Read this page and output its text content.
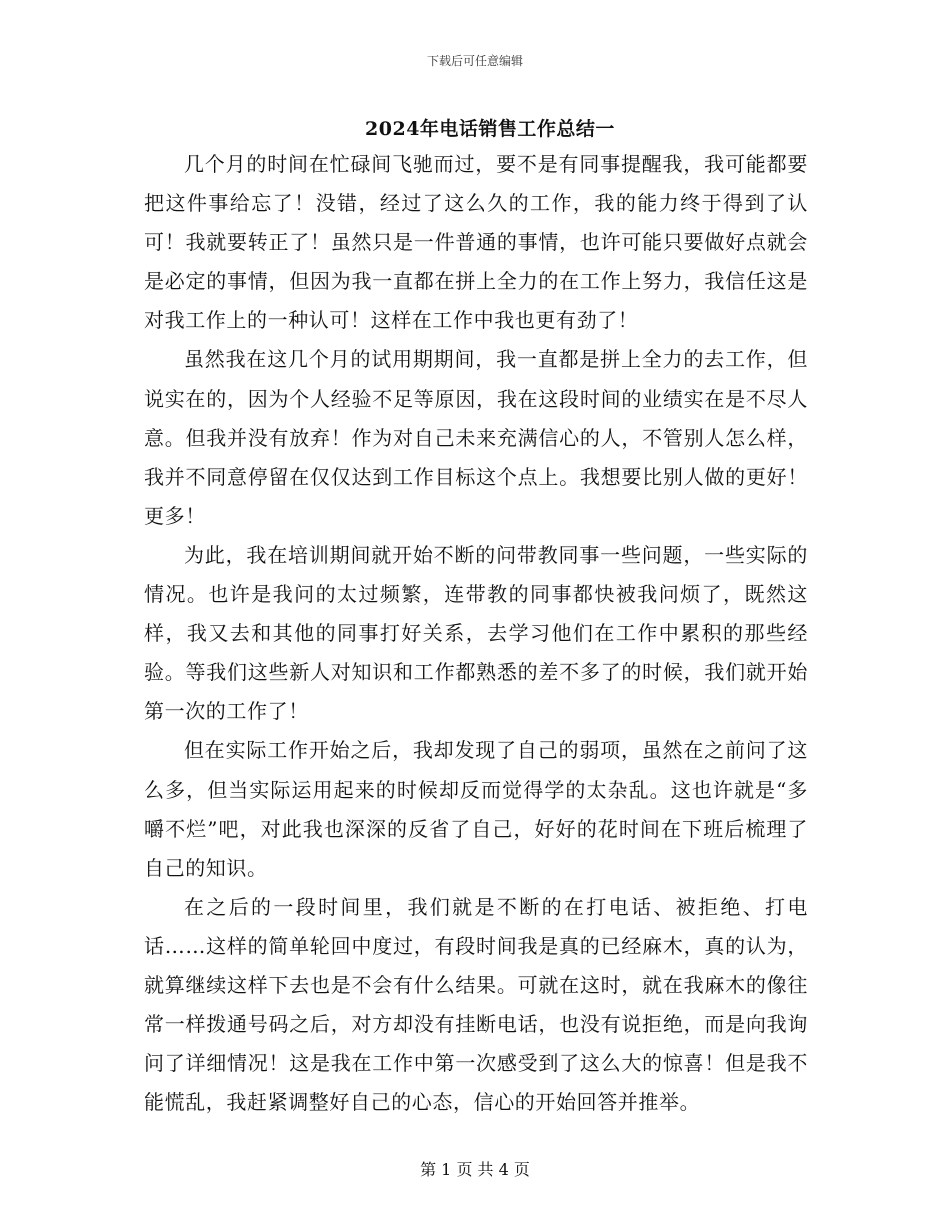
下载后可任意编辑
2024年电话销售工作总结一

几个月的时间在忙碌间飞驰而过，要不是有同事提醒我，我可能都要把这件事给忘了！没错，经过了这么久的工作，我的能力终于得到了认可！我就要转正了！虽然只是一件普通的事情，也许可能只要做好点就会是必定的事情，但因为我一直都在拼上全力的在工作上努力，我信任这是对我工作上的一种认可！这样在工作中我也更有劲了！

虽然我在这几个月的试用期期间，我一直都是拼上全力的去工作，但说实在的，因为个人经验不足等原因，我在这段时间的业绩实在是不尽人意。但我并没有放弃！作为对自己未来充满信心的人，不管别人怎么样，我并不同意停留在仅仅达到工作目标这个点上。我想要比别人做的更好！更多！

为此，我在培训期间就开始不断的问带教同事一些问题，一些实际的情况。也许是我问的太过频繁，连带教的同事都快被我问烦了，既然这样，我又去和其他的同事打好关系，去学习他们在工作中累积的那些经验。等我们这些新人对知识和工作都熟悉的差不多了的时候，我们就开始第一次的工作了！

但在实际工作开始之后，我却发现了自己的弱项，虽然在之前问了这么多，但当实际运用起来的时候却反而觉得学的太杂乱。这也许就是“多嚼不烂”吧，对此我也深深的反省了自己，好好的花时间在下班后梳理了自己的知识。

在之后的一段时间里，我们就是不断的在打电话、被拒绝、打电话……这样的简单轮回中度过，有段时间我是真的已经麻木，真的认为，就算继续这样下去也是不会有什么结果。可就在这时，就在我麻木的像往常一样拨通号码之后，对方却没有挂断电话，也没有说拒绝，而是向我询问了详细情况！这是我在工作中第一次感受到了这么大的惊喜！但是我不能慌乱，我赶紧调整好自己的心态，信心的开始回答并推举。

第 1 页 共 4 页
